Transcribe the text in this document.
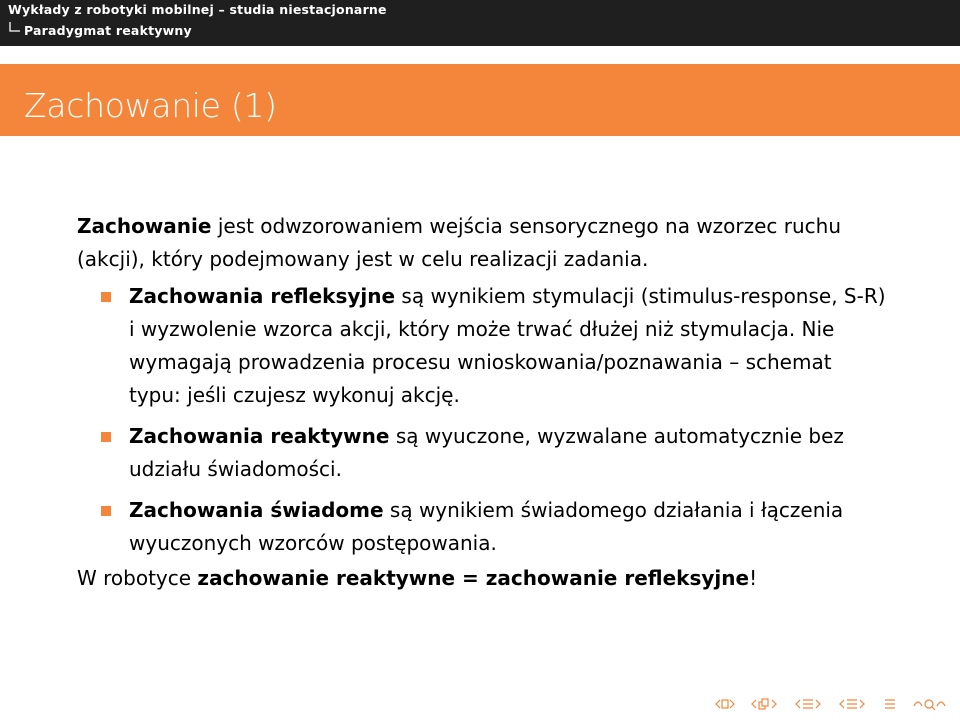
Wykłady z robotyki mobilnej – studia niestacjonarne
Paradygmat reaktywny
Zachowanie (1)

Zachowanie jest odwzorowaniem wejścia sensorycznego na wzorzec ruchu (akcji), który podejmowany jest w celu realizacji zadania.

Zachowania refleksyjne są wynikiem stymulacji (stimulus-response, S-R) i wyzwolenie wzorca akcji, który może trwać dłużej niż stymulacja. Nie wymagają prowadzenia procesu wnioskowania/poznawania – schemat typu: jeśli czujesz wykonuj akcję.
Zachowania reaktywne są wyuczone, wyzwalane automatycznie bez udziału świadomości.
Zachowania świadome są wynikiem świadomego działania i łączenia wyuczonych wzorców postępowania.

W robotyce zachowanie reaktywne = zachowanie refleksyjne!
